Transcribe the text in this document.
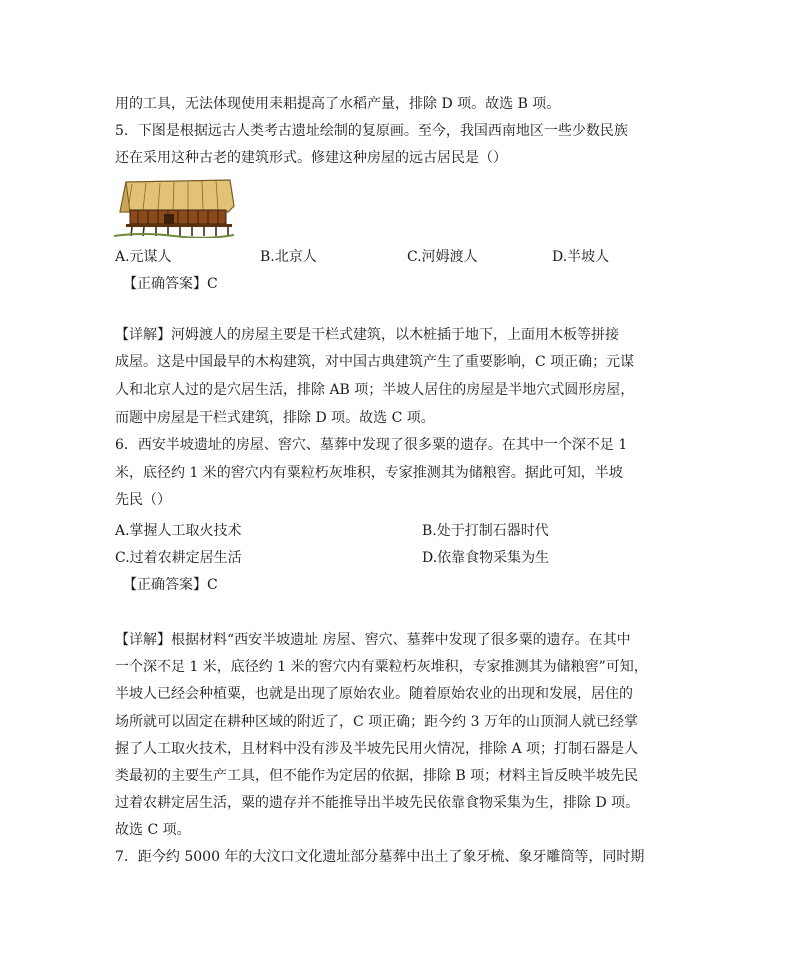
用的工具，无法体现使用耒耜提高了水稻产量，排除 D 项。故选 B 项。
5．下图是根据远古人类考古遗址绘制的复原画。至今，我国西南地区一些少数民族
还在采用这种古老的建筑形式。修建这种房屋的远古居民是（）
A.元谋人	B.北京人	C.河姆渡人	D.半坡人
【正确答案】C
【详解】河姆渡人的房屋主要是干栏式建筑，以木桩插于地下，上面用木板等拼接
成屋。这是中国最早的木构建筑，对中国古典建筑产生了重要影响，C 项正确；元谋
人和北京人过的是穴居生活，排除 AB 项；半坡人居住的房屋是半地穴式圆形房屋，
而题中房屋是干栏式建筑，排除 D 项。故选 C 项。
6．西安半坡遗址的房屋、窖穴、墓葬中发现了很多粟的遗存。在其中一个深不足 1
米，底径约 1 米的窖穴内有粟粒朽灰堆积，专家推测其为储粮窖。据此可知，半坡
先民（）
A.掌握人工取火技术	B.处于打制石器时代
C.过着农耕定居生活	D.依靠食物采集为生
【正确答案】C
【详解】根据材料“西安半坡遗址 房屋、窖穴、墓葬中发现了很多粟的遗存。在其中
一个深不足 1 米，底径约 1 米的窖穴内有粟粒朽灰堆积，专家推测其为储粮窖”可知，
半坡人已经会种植粟，也就是出现了原始农业。随着原始农业的出现和发展，居住的
场所就可以固定在耕种区域的附近了，C 项正确；距今约 3 万年的山顶洞人就已经掌
握了人工取火技术，且材料中没有涉及半坡先民用火情况，排除 A 项；打制石器是人
类最初的主要生产工具，但不能作为定居的依据，排除 B 项；材料主旨反映半坡先民
过着农耕定居生活，粟的遗存并不能推导出半坡先民依靠食物采集为生，排除 D 项。
故选 C 项。
7．距今约 5000 年的大汶口文化遗址部分墓葬中出土了象牙梳、象牙雕筒等，同时期
